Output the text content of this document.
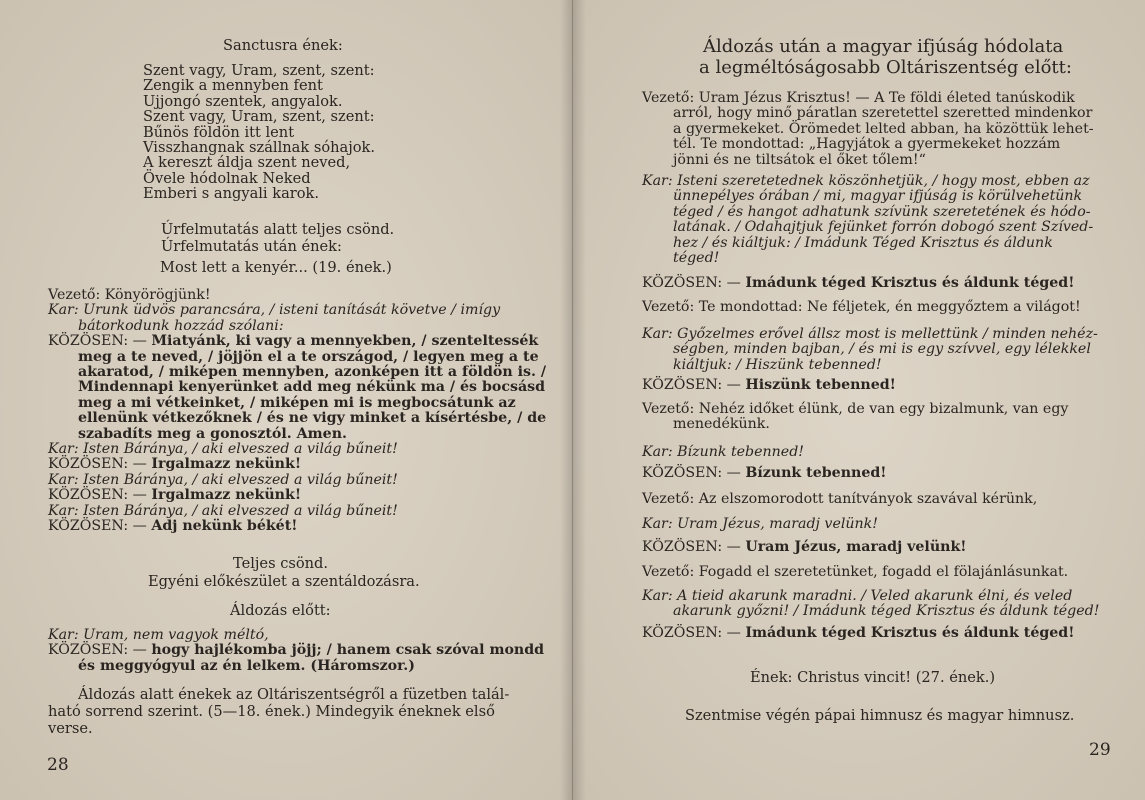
Sanctusra ének:
Szent vagy, Uram, szent, szent:
Zengik a mennyben fent
Ujjongó szentek, angyalok.
Szent vagy, Uram, szent, szent:
Bűnös földön itt lent
Visszhangnak szállnak sóhajok.
A kereszt áldja szent neved,
Övele hódolnak Neked
Emberi s angyali karok.
Úrfelmutatás alatt teljes csönd.
Úrfelmutatás után ének:
Most lett a kenyér... (19. ének.)
Vezető: Könyörögjünk!
Kar: Urunk üdvös parancsára, / isteni tanítását követve / imígy
bátorkodunk hozzád szólani:
KÖZÖSEN: — Miatyánk, ki vagy a mennyekben, / szenteltessék
meg a te neved, / jöjjön el a te országod, / legyen meg a te
akaratod, / miképen mennyben, azonképen itt a földön is. /
Mindennapi kenyerünket add meg nékünk ma / és bocsásd
meg a mi vétkeinket, / miképen mi is megbocsátunk az
ellenünk vétkezőknek / és ne vigy minket a kísértésbe, / de
szabadíts meg a gonosztól. Amen.
Kar: Isten Báránya, / aki elveszed a világ bűneit!
KÖZÖSEN: — Irgalmazz nekünk!
Kar: Isten Báránya, / aki elveszed a világ bűneit!
KÖZÖSEN: — Irgalmazz nekünk!
Kar: Isten Báránya, / aki elveszed a világ bűneit!
KÖZÖSEN: — Adj nekünk békét!
Teljes csönd.
Egyéni előkészület a szentáldozásra.
Áldozás előtt:
Kar: Uram, nem vagyok méltó,
KÖZÖSEN: — hogy hajlékomba jöjj; / hanem csak szóval mondd
és meggyógyul az én lelkem. (Háromszor.)
Áldozás alatt énekek az Oltáriszentségről a füzetben talál-
ható sorrend szerint. (5—18. ének.) Mindegyik éneknek első
verse.
28
Áldozás után a magyar ifjúság hódolata
a legméltóságosabb Oltáriszentség előtt:
Vezető: Uram Jézus Krisztus! — A Te földi életed tanúskodik
arról, hogy minő páratlan szeretettel szeretted mindenkor
a gyermekeket. Örömedet lelted abban, ha közöttük lehet-
tél. Te mondottad: „Hagyjátok a gyermekeket hozzám
jönni és ne tiltsátok el őket tőlem!“
Kar: Isteni szeretetednek köszönhetjük, / hogy most, ebben az
ünnepélyes órában / mi, magyar ifjúság is körülvehetünk
téged / és hangot adhatunk szívünk szeretetének és hódo-
latának. / Odahajtjuk fejünket forrón dobogó szent Szíved-
hez / és kiáltjuk: / Imádunk Téged Krisztus és áldunk
téged!
KÖZÖSEN: — Imádunk téged Krisztus és áldunk téged!
Vezető: Te mondottad: Ne féljetek, én meggyőztem a világot!
Kar: Győzelmes erővel állsz most is mellettünk / minden nehéz-
ségben, minden bajban, / és mi is egy szívvel, egy lélekkel
kiáltjuk: / Hiszünk tebenned!
KÖZÖSEN: — Hiszünk tebenned!
Vezető: Nehéz időket élünk, de van egy bizalmunk, van egy
menedékünk.
Kar: Bízunk tebenned!
KÖZÖSEN: — Bízunk tebenned!
Vezető: Az elszomorodott tanítványok szavával kérünk,
Kar: Uram Jézus, maradj velünk!
KÖZÖSEN: — Uram Jézus, maradj velünk!
Vezető: Fogadd el szeretetünket, fogadd el fölajánlásunkat.
Kar: A tieid akarunk maradni. / Veled akarunk élni, és veled
akarunk győzni! / Imádunk téged Krisztus és áldunk téged!
KÖZÖSEN: — Imádunk téged Krisztus és áldunk téged!
Ének: Christus vincit! (27. ének.)
Szentmise végén pápai himnusz és magyar himnusz.
29
